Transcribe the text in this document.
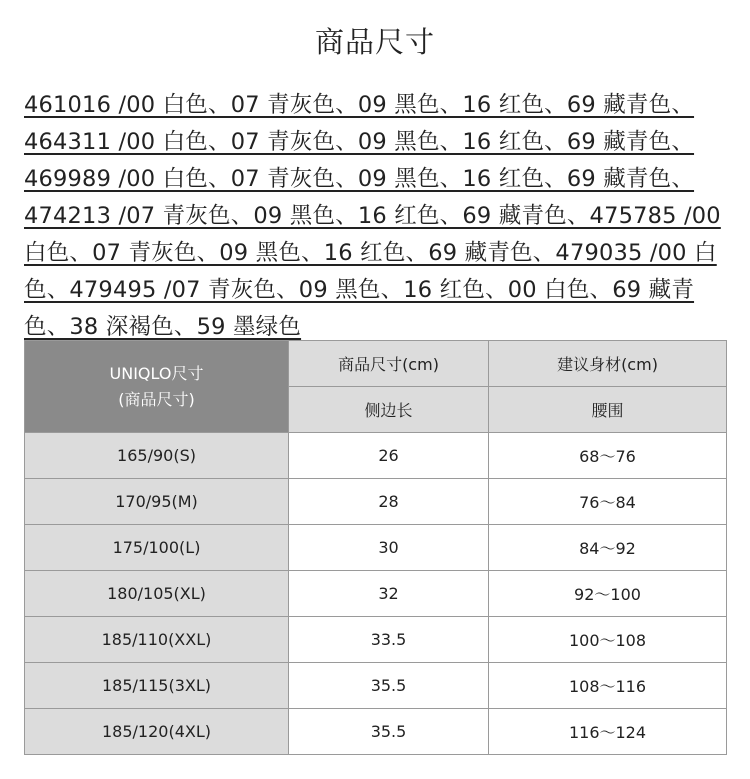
商品尺寸
461016 /00 白色、07 青灰色、09 黑色、16 红色、69 藏青色、
464311 /00 白色、07 青灰色、09 黑色、16 红色、69 藏青色、
469989 /00 白色、07 青灰色、09 黑色、16 红色、69 藏青色、
474213 /07 青灰色、09 黑色、16 红色、69 藏青色、475785 /00
白色、07 青灰色、09 黑色、16 红色、69 藏青色、479035 /00 白
色、479495 /07 青灰色、09 黑色、16 红色、00 白色、69 藏青
色、38 深褐色、59 墨绿色
UNIQLO尺寸
(商品尺寸)	商品尺寸(cm)	建议身材(cm)
	侧边长	腰围
165/90(S)	26	68～76
170/95(M)	28	76～84
175/100(L)	30	84～92
180/105(XL)	32	92～100
185/110(XXL)	33.5	100～108
185/115(3XL)	35.5	108～116
185/120(4XL)	35.5	116～124
